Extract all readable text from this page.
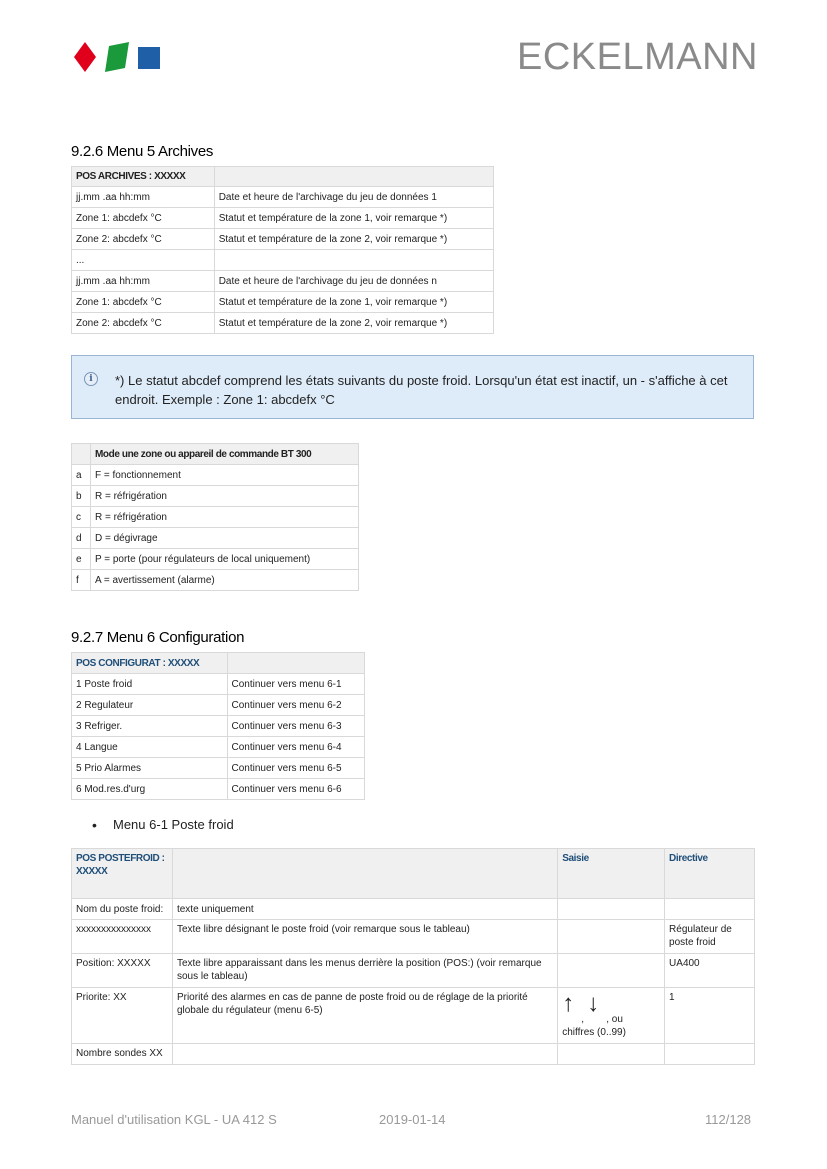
ECKELMANN
9.2.6 Menu 5 Archives
POS ARCHIVES : XXXXX	
jj.mm .aa hh:mm	Date et heure de l'archivage du jeu de données 1
Zone 1: abcdefx °C	Statut et température de la zone 1, voir remarque *)
Zone 2: abcdefx °C	Statut et température de la zone 2, voir remarque *)
...	
jj.mm .aa hh:mm	Date et heure de l'archivage du jeu de données n
Zone 1: abcdefx °C	Statut et température de la zone 1, voir remarque *)
Zone 2: abcdefx °C	Statut et température de la zone 2, voir remarque *)
i	*) Le statut abcdef comprend les états suivants du poste froid. Lorsqu'un état est inactif, un - s'affiche à cet endroit. Exemple : Zone 1: abcdefx °C
	Mode une zone ou appareil de commande BT 300
a	F = fonctionnement
b	R = réfrigération
c	R = réfrigération
d	D = dégivrage
e	P = porte (pour régulateurs de local uniquement)
f	A = avertissement (alarme)
9.2.7 Menu 6 Configuration
POS CONFIGURAT : XXXXX	
1 Poste froid	Continuer vers menu 6-1
2 Regulateur	Continuer vers menu 6-2
3 Refriger.	Continuer vers menu 6-3
4 Langue	Continuer vers menu 6-4
5 Prio Alarmes	Continuer vers menu 6-5
6 Mod.res.d'urg	Continuer vers menu 6-6
• Menu 6-1 Poste froid
POS POSTEFROID : XXXXX		Saisie	Directive
Nom du poste froid:	texte uniquement		
xxxxxxxxxxxxxxx	Texte libre désignant le poste froid (voir remarque sous le tableau)		Régulateur de poste froid
Position: XXXXX	Texte libre apparaissant dans les menus derrière la position (POS:) (voir remarque sous le tableau)		UA400
Priorite: XX	Priorité des alarmes en cas de panne de poste froid ou de réglage de la priorité globale du régulateur (menu 6-5)	↑
,
↓
, ou
chiffres (0..99)	1
Nombre sondes XX			
Manuel d'utilisation KGL - UA 412 S	2019-01-14	112/128
